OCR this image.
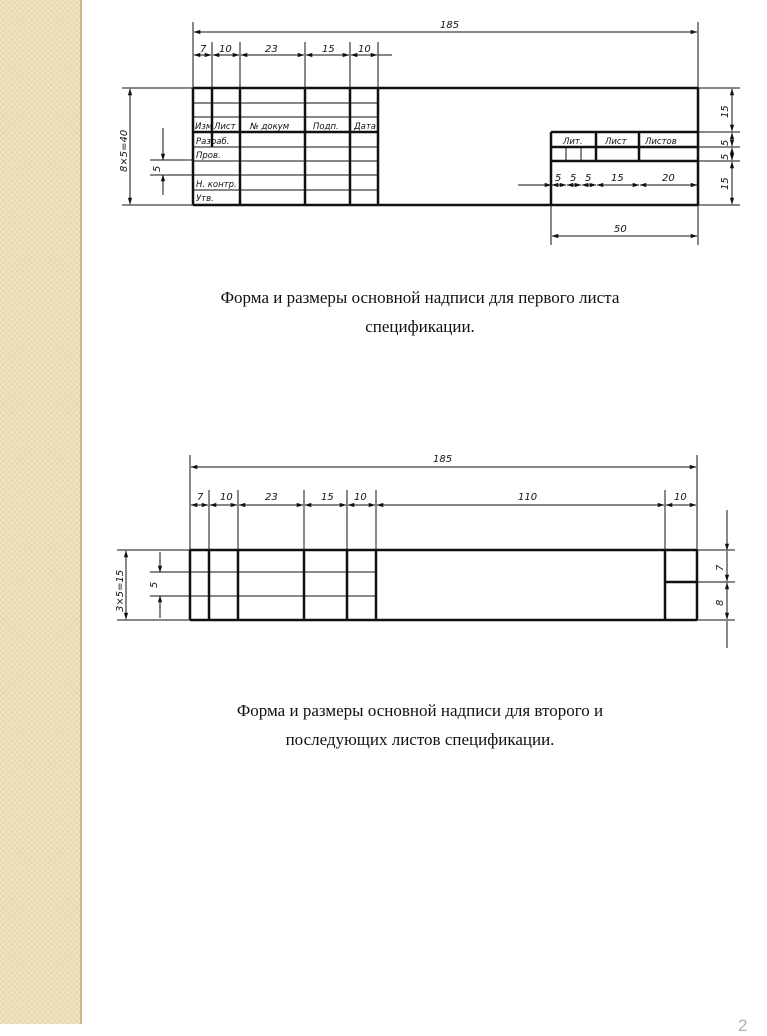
185
7 10	23	15 10
8×5=40 5
15
5
5
15
5 5 5 15	20
50
Изм Лист № докум	Подп. Дата
Разраб.
Пров.
Н. контр.
Утв.
Лит.	Лист Листов
185
7 10	23	15 10	110	10
3×5=15 5
7
8
Форма и размеры основной надписи для первого листа
спецификации.
Форма и размеры основной надписи для второго и
последующих листов спецификации.
2
